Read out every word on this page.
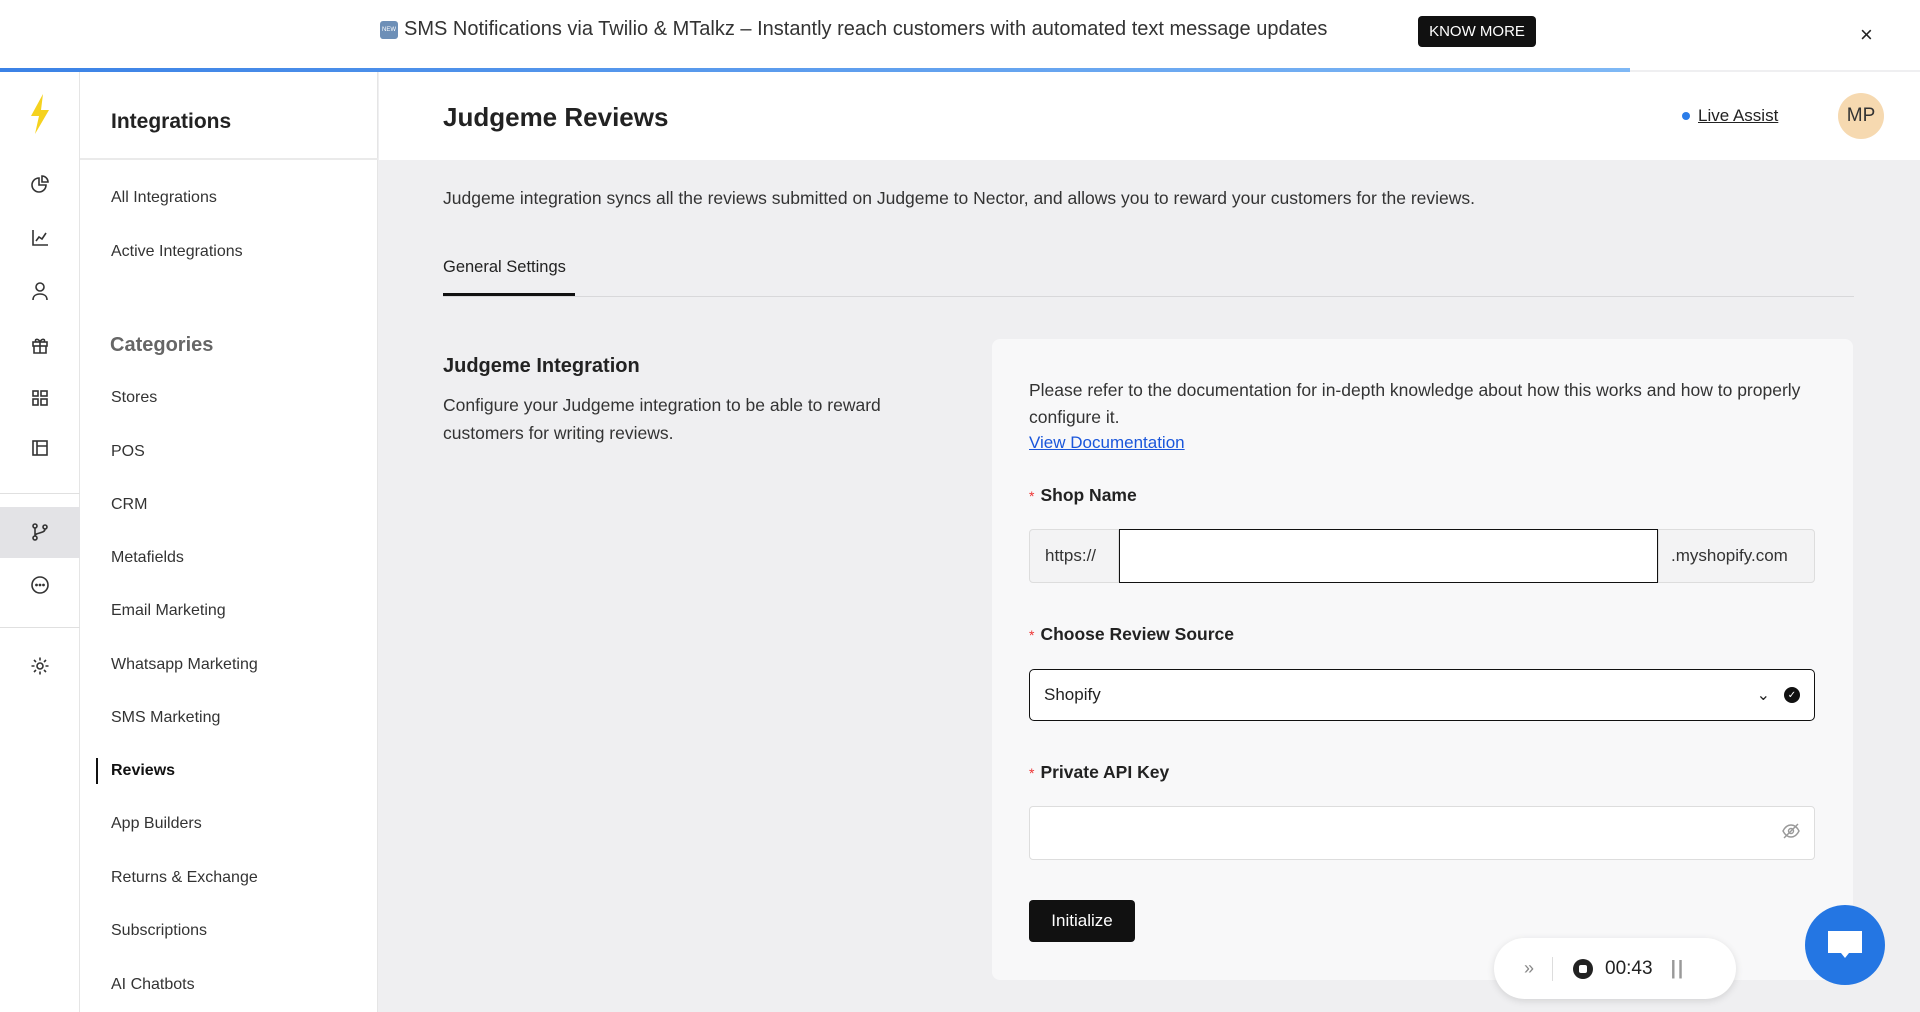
NEW SMS Notifications via Twilio & MTalkz – Instantly reach customers with automated text message updates	KNOW MORE	×
Integrations
All Integrations
Active Integrations
Categories
Stores
POS
CRM
Metafields
Email Marketing
Whatsapp Marketing
SMS Marketing
Reviews
App Builders
Returns & Exchange
Subscriptions
AI Chatbots
Judgeme Reviews	Live Assist	MP
Judgeme integration syncs all the reviews submitted on Judgeme to Nector, and allows you to reward your customers for the reviews.
General Settings
Judgeme Integration
Configure your Judgeme integration to be able to reward customers for writing reviews.
Please refer to the documentation for in-depth knowledge about how this works and how to properly configure it.
View Documentation
* Shop Name
https://	.myshopify.com
* Choose Review Source
Shopify	⌄	✓
* Private API Key
Initialize
»	00:43 ||
